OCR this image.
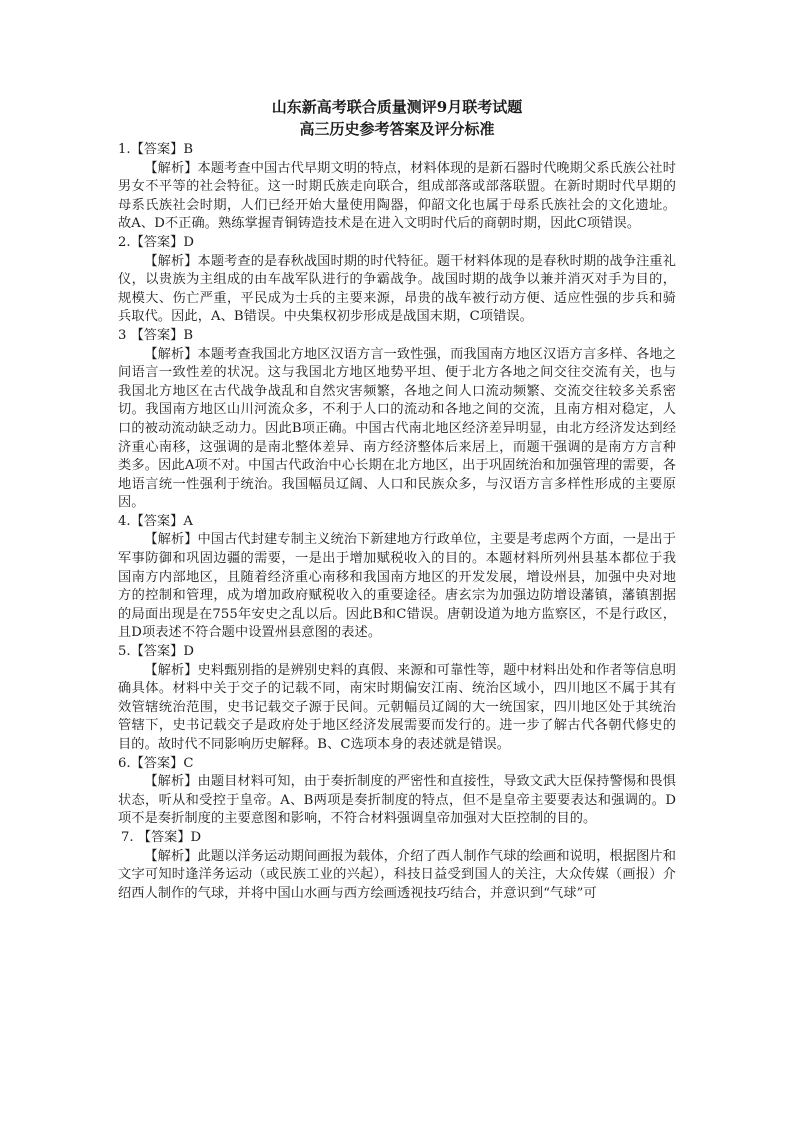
山东新高考联合质量测评9月联考试题
高三历史参考答案及评分标准

1.【答案】B

【解析】本题考查中国古代早期文明的特点，材料体现的是新石器时代晚期父系氏族公社时男女不平等的社会特征。这一时期氏族走向联合，组成部落或部落联盟。在新时期时代早期的母系氏族社会时期，人们已经开始大量使用陶器，仰韶文化也属于母系氏族社会的文化遗址。故A、D不正确。熟练掌握青铜铸造技术是在进入文明时代后的商朝时期，因此C项错误。

2.【答案】D

【解析】本题考查的是春秋战国时期的时代特征。题干材料体现的是春秋时期的战争注重礼仪，以贵族为主组成的由车战军队进行的争霸战争。战国时期的战争以兼并消灭对手为目的，规模大、伤亡严重，平民成为士兵的主要来源，昂贵的战车被行动方便、适应性强的步兵和骑兵取代。因此，A、B错误。中央集权初步形成是战国末期，C项错误。

3 【答案】B

【解析】本题考查我国北方地区汉语方言一致性强，而我国南方地区汉语方言多样、各地之间语言一致性差的状况。这与我国北方地区地势平坦、便于北方各地之间交往交流有关，也与我国北方地区在古代战争战乱和自然灾害频繁，各地之间人口流动频繁、交流交往较多关系密切。我国南方地区山川河流众多，不利于人口的流动和各地之间的交流，且南方相对稳定，人口的被动流动缺乏动力。因此B项正确。中国古代南北地区经济差异明显，由北方经济发达到经济重心南移，这强调的是南北整体差异、南方经济整体后来居上，而题干强调的是南方方言种类多。因此A项不对。中国古代政治中心长期在北方地区，出于巩固统治和加强管理的需要，各地语言统一性强利于统治。我国幅员辽阔、人口和民族众多，与汉语方言多样性形成的主要原因。

4.【答案】A

【解析】中国古代封建专制主义统治下新建地方行政单位，主要是考虑两个方面，一是出于军事防御和巩固边疆的需要，一是出于增加赋税收入的目的。本题材料所列州县基本都位于我国南方内部地区，且随着经济重心南移和我国南方地区的开发发展，增设州县，加强中央对地方的控制和管理，成为增加政府赋税收入的重要途径。唐玄宗为加强边防增设藩镇，藩镇割据的局面出现是在755年安史之乱以后。因此B和C错误。唐朝设道为地方监察区，不是行政区，且D项表述不符合题中设置州县意图的表述。

5.【答案】D

【解析】史料甄别指的是辨别史料的真假、来源和可靠性等，题中材料出处和作者等信息明确具体。材料中关于交子的记载不同，南宋时期偏安江南、统治区域小，四川地区不属于其有效管辖统治范围，史书记载交子源于民间。元朝幅员辽阔的大一统国家，四川地区处于其统治管辖下，史书记载交子是政府处于地区经济发展需要而发行的。进一步了解古代各朝代修史的目的。故时代不同影响历史解释。B、C选项本身的表述就是错误。

6.【答案】C

【解析】由题目材料可知，由于奏折制度的严密性和直接性，导致文武大臣保持警惕和畏惧状态，听从和受控于皇帝。A、B两项是奏折制度的特点，但不是皇帝主要要表达和强调的。D项不是奏折制度的主要意图和影响，不符合材料强调皇帝加强对大臣控制的目的。

7. 【答案】D

【解析】此题以洋务运动期间画报为载体，介绍了西人制作气球的绘画和说明，根据图片和文字可知时逢洋务运动（或民族工业的兴起），科技日益受到国人的关注，大众传媒（画报）介绍西人制作的气球，并将中国山水画与西方绘画透视技巧结合，并意识到“气球”可
